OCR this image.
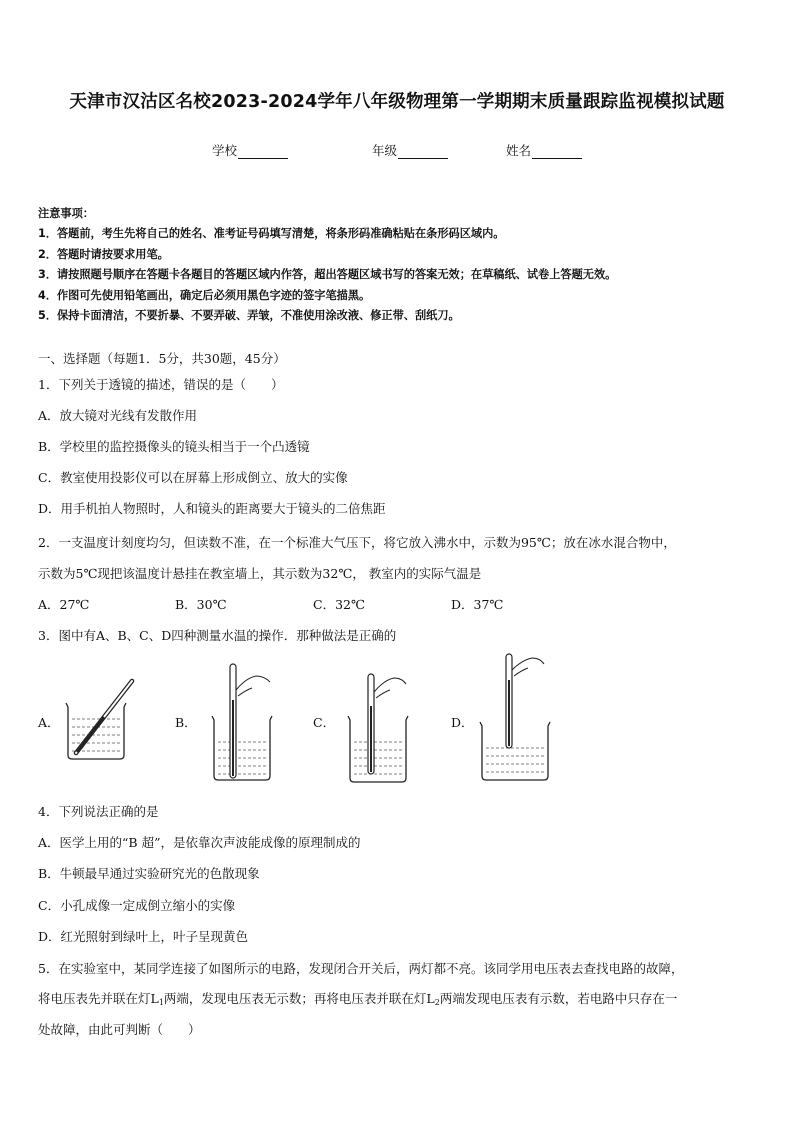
天津市汉沽区名校2023-2024学年八年级物理第一学期期末质量跟踪监视模拟试题
学校	年级	姓名
注意事项：
1．答题前，考生先将自己的姓名、准考证号码填写清楚，将条形码准确粘贴在条形码区域内。
2．答题时请按要求用笔。
3．请按照题号顺序在答题卡各题目的答题区域内作答，超出答题区域书写的答案无效；在草稿纸、试卷上答题无效。
4．作图可先使用铅笔画出，确定后必须用黑色字迹的签字笔描黑。
5．保持卡面清洁，不要折暴、不要弄破、弄皱，不准使用涂改液、修正带、刮纸刀。
一、选择题（每题1．5分，共30题，45分）
1．下列关于透镜的描述，错误的是（　　）
A．放大镜对光线有发散作用
B．学校里的监控摄像头的镜头相当于一个凸透镜
C．教室使用投影仪可以在屏幕上形成倒立、放大的实像
D．用手机拍人物照时，人和镜头的距离要大于镜头的二倍焦距
2．一支温度计刻度均匀，但读数不准，在一个标准大气压下，将它放入沸水中，示数为95℃；放在冰水混合物中，
示数为5℃现把该温度计悬挂在教室墙上，其示数为32℃， 教室内的实际气温是
A．27℃	B．30℃	C．32℃	D．37℃
3．图中有A、B、C、D四种测量水温的操作．那种做法是正确的
A．	B．	C．	D．
4．下列说法正确的是
A．医学上用的“B 超”，是依靠次声波能成像的原理制成的
B．牛顿最早通过实验研究光的色散现象
C．小孔成像一定成倒立缩小的实像
D．红光照射到绿叶上，叶子呈现黄色
5．在实验室中，某同学连接了如图所示的电路，发现闭合开关后，两灯都不亮。该同学用电压表去查找电路的故障，
将电压表先并联在灯$L_1$两端，发现电压表无示数；再将电压表并联在灯$L_2$两端发现电压表有示数，若电路中只存在一
处故障，由此可判断（　　）
